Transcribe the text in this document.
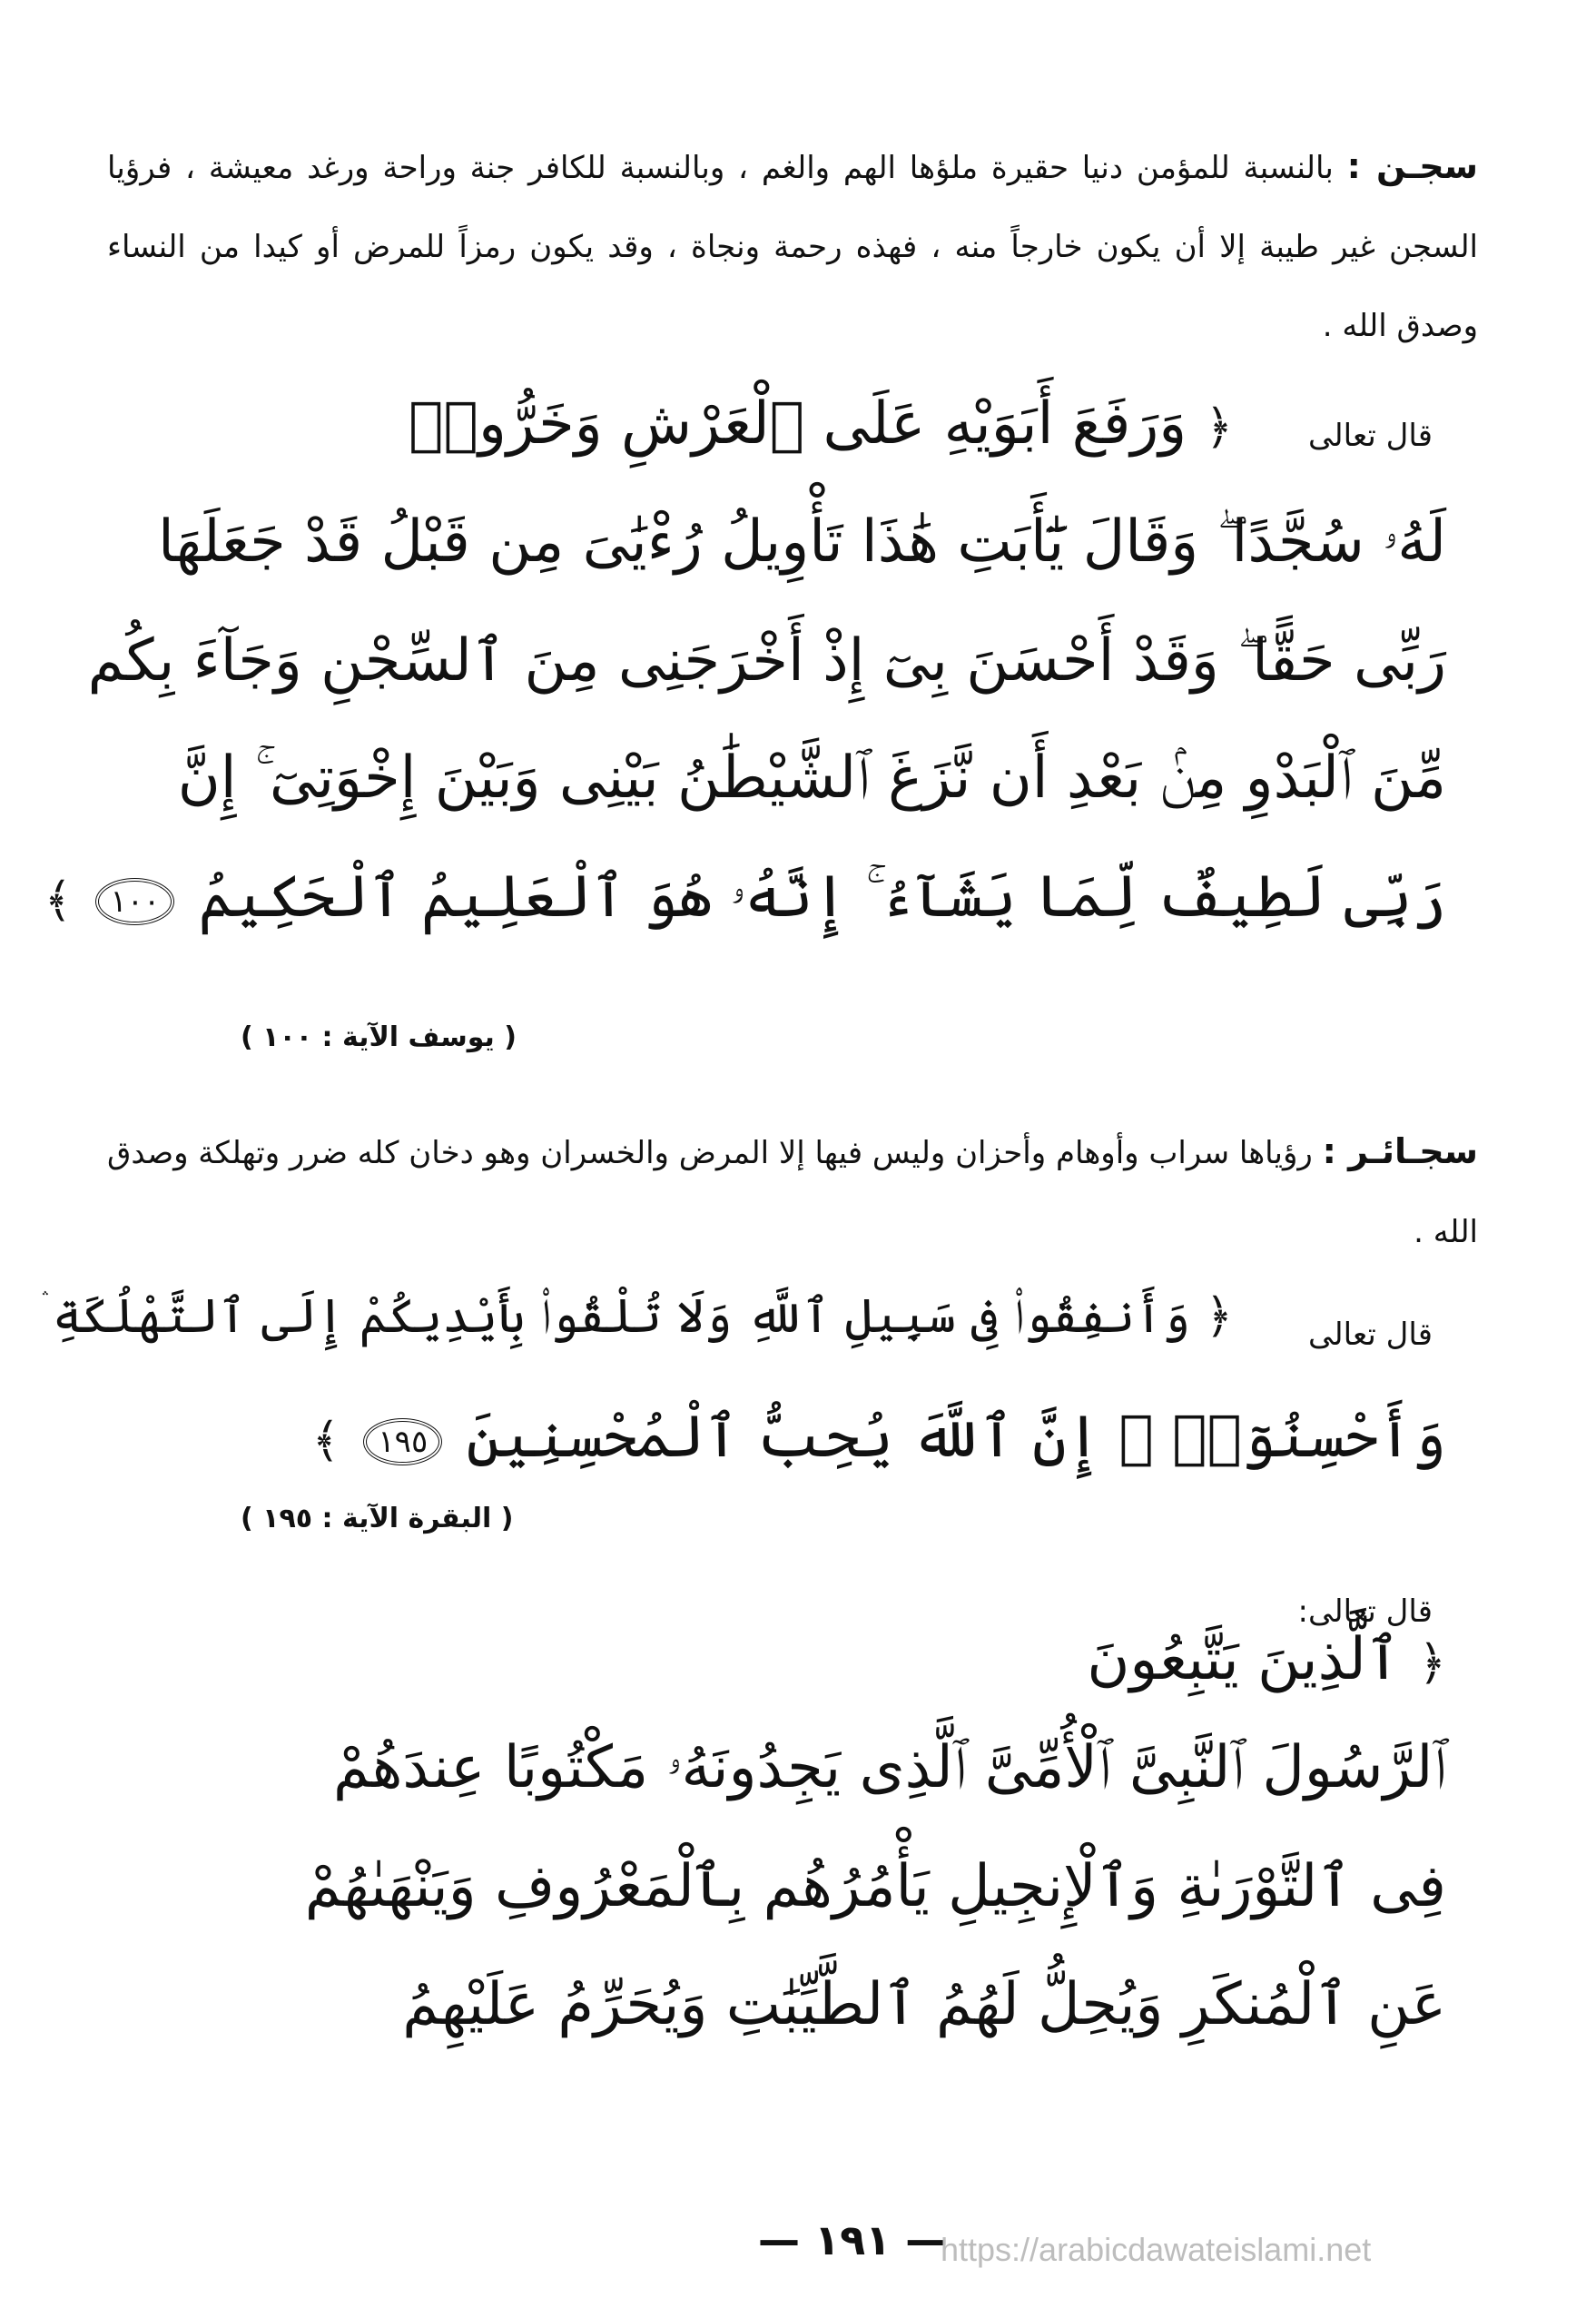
سجـن : بالنسبة للمؤمن دنيا حقيرة ملؤها الهم والغم ، وبالنسبة للكافر جنة وراحة ورغد معيشة ، فرؤيا السجن غير طيبة إلا أن يكون خارجاً منه ، فهذه رحمة ونجاة ، وقد يكون رمزاً للمرض أو كيدا من النساء وصدق الله .

قال تعالى
﴿ وَرَفَعَ أَبَوَيْهِ عَلَى ٱلْعَرْشِ وَخَرُّوا۟
لَهُۥ سُجَّدًا ۖ وَقَالَ يَٰٓأَبَتِ هَٰذَا تَأْوِيلُ رُءْيَٰىَ مِن قَبْلُ قَدْ جَعَلَهَا
رَبِّى حَقًّا ۖ وَقَدْ أَحْسَنَ بِىٓ إِذْ أَخْرَجَنِى مِنَ ٱلسِّجْنِ وَجَآءَ بِكُم
مِّنَ ٱلْبَدْوِ مِنۢ بَعْدِ أَن نَّزَغَ ٱلشَّيْطَٰنُ بَيْنِى وَبَيْنَ إِخْوَتِىٓ ۚ إِنَّ
رَبِّى لَطِيفٌ لِّمَا يَشَآءُ ۚ إِنَّهُۥ هُوَ ٱلْعَلِيمُ ٱلْحَكِيمُ ١٠٠ ﴾
( يوسف الآية : ١٠٠ )

سجـائـر : رؤياها سراب وأوهام وأحزان وليس فيها إلا المرض والخسران وهو دخان كله ضرر وتهلكة وصدق الله .

قال تعالى
﴿ وَأَنفِقُوا۟ فِى سَبِيلِ ٱللَّهِ وَلَا تُلْقُوا۟ بِأَيْدِيكُمْ إِلَى ٱلتَّهْلُكَةِ ۛ
وَأَحْسِنُوٓا۟ ۛ إِنَّ ٱللَّهَ يُحِبُّ ٱلْمُحْسِنِينَ ١٩٥ ﴾
( البقرة الآية : ١٩٥ )
قال تعالى:
﴿ ٱلَّذِينَ يَتَّبِعُونَ
ٱلرَّسُولَ ٱلنَّبِىَّ ٱلْأُمِّىَّ ٱلَّذِى يَجِدُونَهُۥ مَكْتُوبًا عِندَهُمْ
فِى ٱلتَّوْرَىٰةِ وَٱلْإِنجِيلِ يَأْمُرُهُم بِٱلْمَعْرُوفِ وَيَنْهَىٰهُمْ
عَنِ ٱلْمُنكَرِ وَيُحِلُّ لَهُمُ ٱلطَّيِّبَٰتِ وَيُحَرِّمُ عَلَيْهِمُ
— ١٩١ —
https://arabicdawateislami.net
